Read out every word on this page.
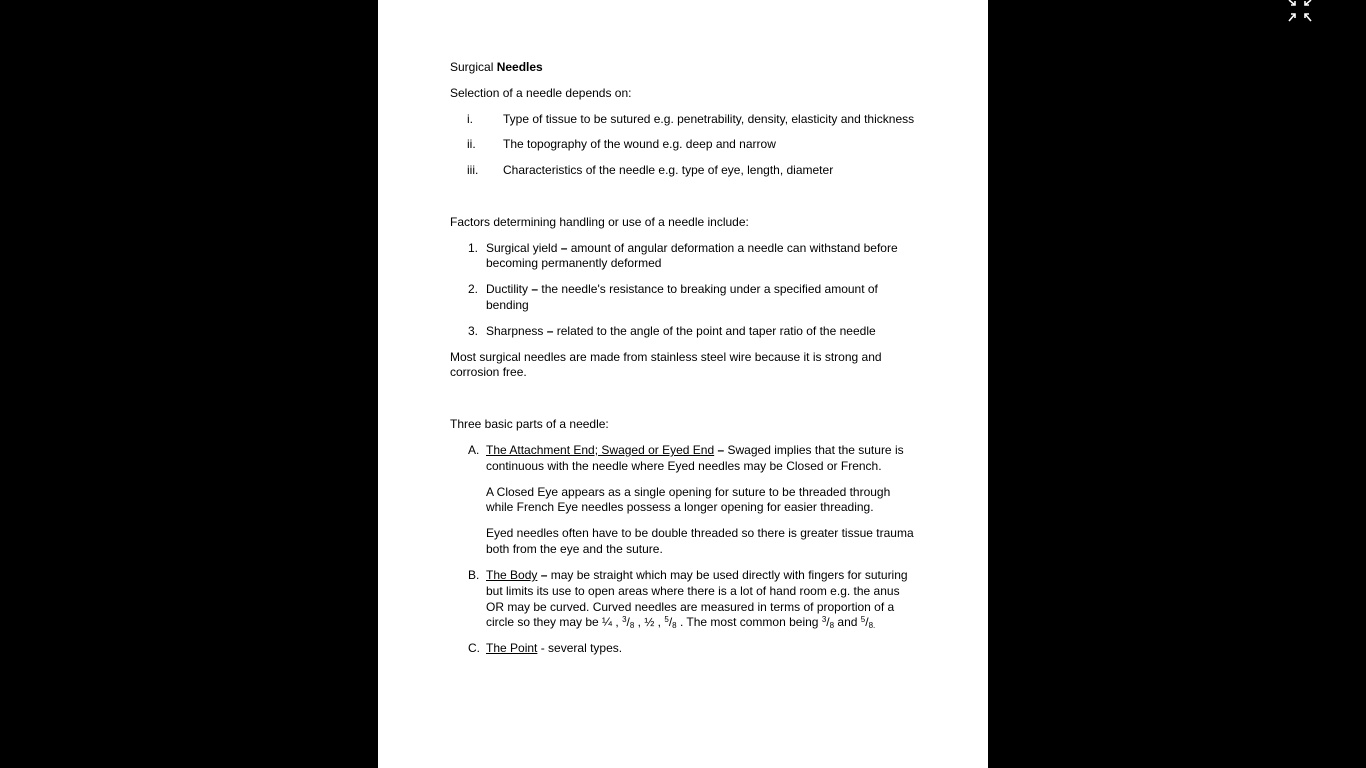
Surgical Needles
Selection of a needle depends on:
i.	Type of tissue to be sutured e.g. penetrability, density, elasticity and thickness
ii. The topography of the wound e.g. deep and narrow
iii. Characteristics of the needle e.g. type of eye, length, diameter
Factors determining handling or use of a needle include:
1. Surgical yield – amount of angular deformation a needle can withstand before
becoming permanently deformed
2. Ductility – the needle's resistance to breaking under a specified amount of
bending
3. Sharpness – related to the angle of the point and taper ratio of the needle
Most surgical needles are made from stainless steel wire because it is strong and
corrosion free.
Three basic parts of a needle:
A. The Attachment End; Swaged or Eyed End – Swaged implies that the suture is
continuous with the needle where Eyed needles may be Closed or French.
A Closed Eye appears as a single opening for suture to be threaded through
while French Eye needles possess a longer opening for easier threading.
Eyed needles often have to be double threaded so there is greater tissue trauma
both from the eye and the suture.
B. The Body – may be straight which may be used directly with fingers for suturing
but limits its use to open areas where there is a lot of hand room e.g. the anus
OR may be curved. Curved needles are measured in terms of proportion of a
circle so they may be ¼ , $^3/_8$ , ½ , $^5/_8$ . The most common being $^3/_8$ and $^5/_{8.}$
C. The Point - several types.
